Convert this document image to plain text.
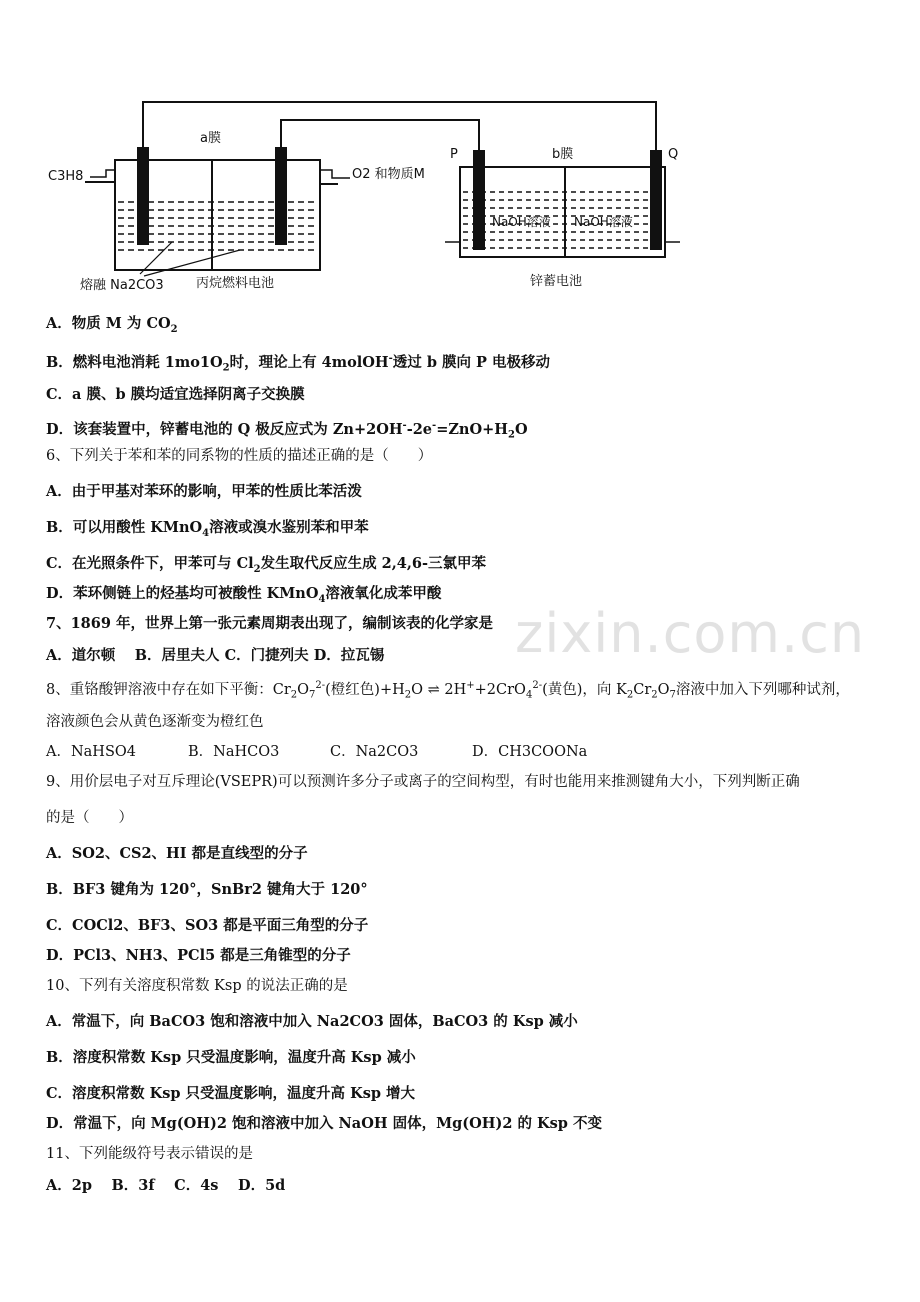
a膜
b膜
C3H8	O2 和物质M
P	Q
NaOH溶液 NaOH溶液
熔融 Na2CO3 丙烷燃料电池	锌蓄电池
A．物质 M 为 $CO_2$
B．燃料电池消耗 $1mo1O_2$时，理论上有 4molOH-透过 b 膜向 P 电极移动
C．a 膜、b 膜均适宜选择阴离子交换膜
D．该套装置中，锌蓄电池的 Q 极反应式为 $Zn+2OH^--2e^-=ZnO+H_2O$
6、下列关于苯和苯的同系物的性质的描述正确的是（　　）
A．由于甲基对苯环的影响，甲苯的性质比苯活泼
B．可以用酸性 KMnO$_4$溶液或溴水鉴别苯和甲苯
C．在光照条件下，甲苯可与 $Cl_2$发生取代反应生成 2,4,6-三氯甲苯
D．苯环侧链上的烃基均可被酸性 KMnO$_4$溶液氧化成苯甲酸
7、1869 年，世界上第一张元素周期表出现了，编制该表的化学家是
A．道尔顿　 B．居里夫人 C．门捷列夫 D．拉瓦锡
8、重铬酸钾溶液中存在如下平衡：$Cr_2O_7^{2-}$(橙红色)$+H_2O$ ⇌ 2H++2CrO$_4^{2-}$(黄色)，向 $K_2Cr_2O_7$溶液中加入下列哪种试剂，
溶液颜色会从黄色逐渐变为橙红色
A．NaHSO4	B．NaHCO3	C．Na2CO3	D．CH3COONa
9、用价层电子对互斥理论(VSEPR)可以预测许多分子或离子的空间构型，有时也能用来推测键角大小，下列判断正确
的是（　　）
A．SO2、CS2、HI 都是直线型的分子
B．BF3 键角为 120°，SnBr2 键角大于 120°
C．COCl2、BF3、SO3 都是平面三角型的分子
D．PCl3、NH3、PCl5 都是三角锥型的分子
10、下列有关溶度积常数 Ksp 的说法正确的是
A．常温下，向 BaCO3 饱和溶液中加入 Na2CO3 固体，BaCO3 的 Ksp 减小
B．溶度积常数 Ksp 只受温度影响，温度升高 Ksp 减小
C．溶度积常数 Ksp 只受温度影响，温度升高 Ksp 增大
D．常温下，向 Mg(OH)2 饱和溶液中加入 NaOH 固体，Mg(OH)2 的 Ksp 不变
11、下列能级符号表示错误的是
A．2p　 B．3f　 C．4s　 D．5d
zixin.com.cn
